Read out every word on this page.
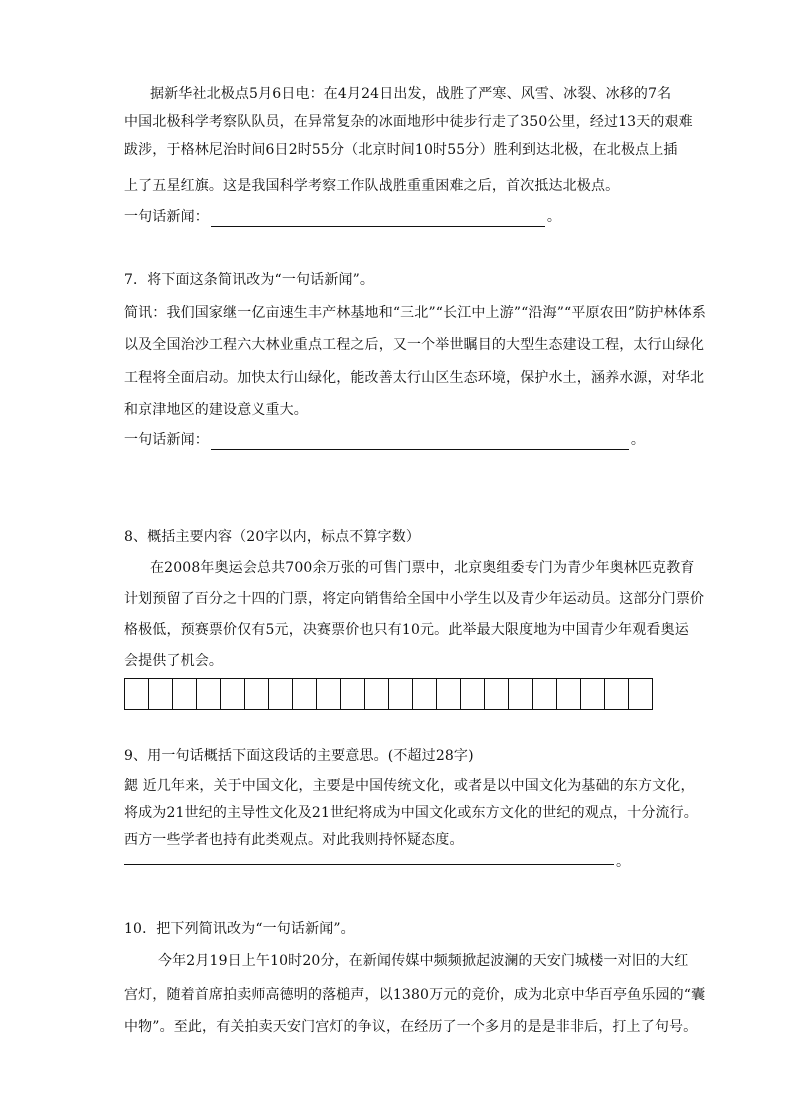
据新华社北极点5月6日电：在4月24日出发，战胜了严寒、风雪、冰裂、冰移的7名
中国北极科学考察队队员，在异常复杂的冰面地形中徒步行走了350公里，经过13天的艰难
跋涉，于格林尼治时间6日2时55分（北京时间10时55分）胜利到达北极，在北极点上插
上了五星红旗。这是我国科学考察工作队战胜重重困难之后，首次抵达北极点。
一句话新闻：	。
7．将下面这条简讯改为“一句话新闻”。
简讯：我们国家继一亿亩速生丰产林基地和“三北”“长江中上游”“沿海”“平原农田”防护林体系
以及全国治沙工程六大林业重点工程之后，又一个举世瞩目的大型生态建设工程，太行山绿化
工程将全面启动。加快太行山绿化，能改善太行山区生态环境，保护水土，涵养水源，对华北
和京津地区的建设意义重大。
一句话新闻：	。
8、概括主要内容（20字以内，标点不算字数）
在2008年奥运会总共700余万张的可售门票中，北京奥组委专门为青少年奥林匹克教育
计划预留了百分之十四的门票，将定向销售给全国中小学生以及青少年运动员。这部分门票价
格极低，预赛票价仅有5元，决赛票价也只有10元。此举最大限度地为中国青少年观看奥运
会提供了机会。
9、用一句话概括下面这段话的主要意思。(不超过28字)
鍶 近几年来，关于中国文化，主要是中国传统文化，或者是以中国文化为基础的东方文化，
将成为21世纪的主导性文化及21世纪将成为中国文化或东方文化的世纪的观点，十分流行。
西方一些学者也持有此类观点。对此我则持怀疑态度。
。
10．把下列简讯改为“一句话新闻”。
今年2月19日上午10时20分，在新闻传媒中频频掀起波澜的天安门城楼一对旧的大红
宫灯，随着首席拍卖师高德明的落槌声，以1380万元的竞价，成为北京中华百亭鱼乐园的“囊
中物”。至此，有关拍卖天安门宫灯的争议，在经历了一个多月的是是非非后，打上了句号。
